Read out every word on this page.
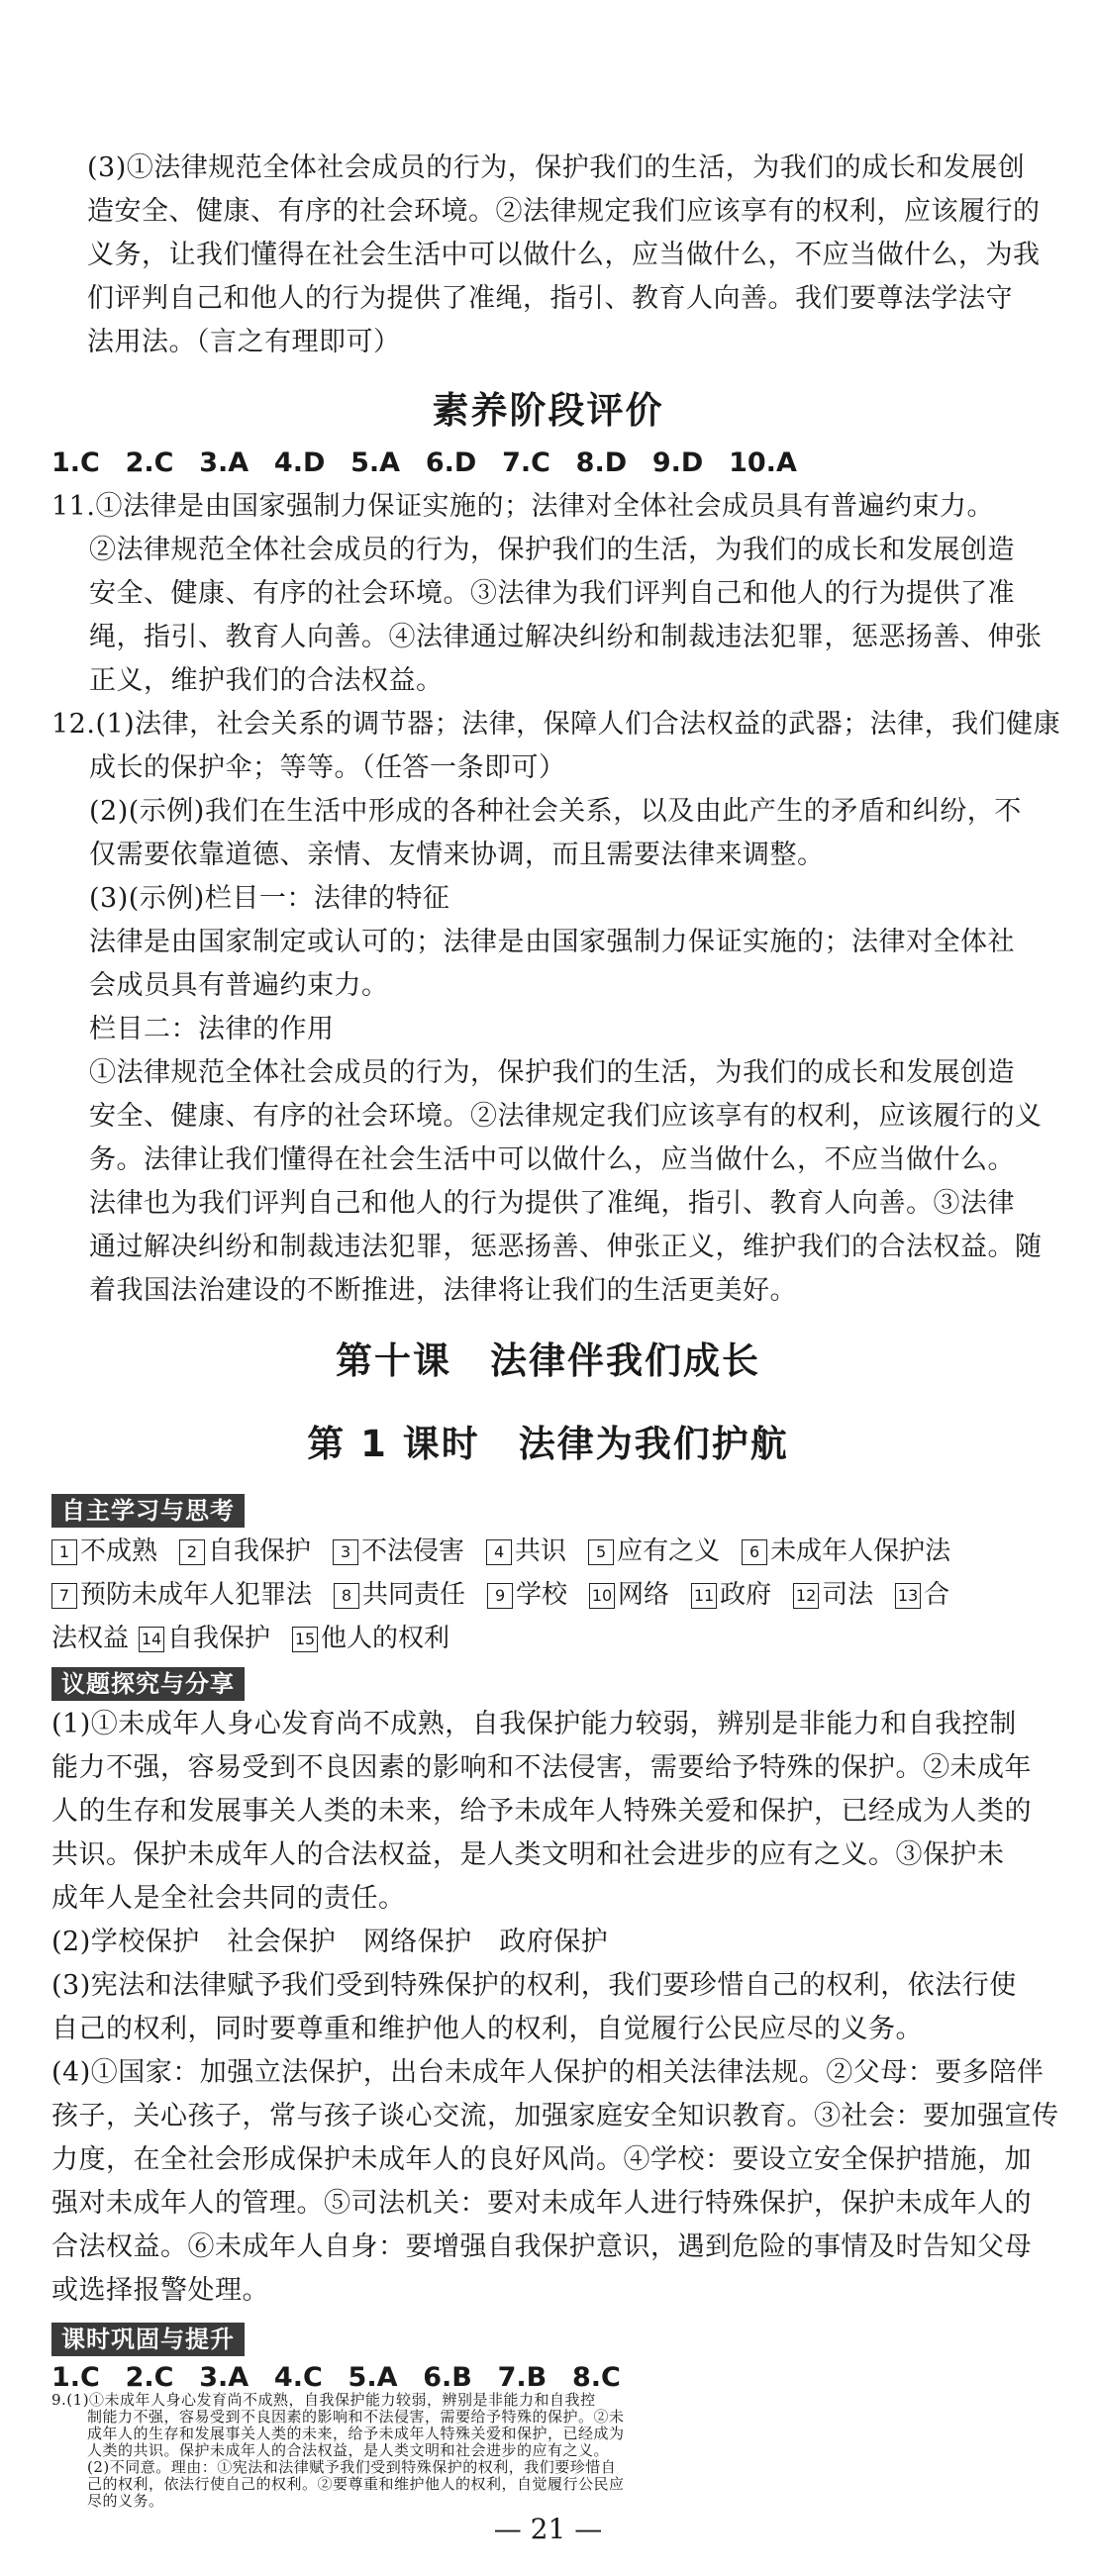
(3)①法律规范全体社会成员的行为，保护我们的生活，为我们的成长和发展创
造安全、健康、有序的社会环境。②法律规定我们应该享有的权利，应该履行的
义务，让我们懂得在社会生活中可以做什么，应当做什么，不应当做什么，为我
们评判自己和他人的行为提供了准绳，指引、教育人向善。我们要尊法学法守
法用法。（言之有理即可）
素养阶段评价
1.C 2.C 3.A 4.D 5.A 6.D 7.C 8.D 9.D 10.A
11.①法律是由国家强制力保证实施的；法律对全体社会成员具有普遍约束力。
②法律规范全体社会成员的行为，保护我们的生活，为我们的成长和发展创造
安全、健康、有序的社会环境。③法律为我们评判自己和他人的行为提供了准
绳，指引、教育人向善。④法律通过解决纠纷和制裁违法犯罪，惩恶扬善、伸张
正义，维护我们的合法权益。
12.(1)法律，社会关系的调节器；法律，保障人们合法权益的武器；法律，我们健康
成长的保护伞；等等。（任答一条即可）
(2)(示例)我们在生活中形成的各种社会关系，以及由此产生的矛盾和纠纷，不
仅需要依靠道德、亲情、友情来协调，而且需要法律来调整。
(3)(示例)栏目一：法律的特征
法律是由国家制定或认可的；法律是由国家强制力保证实施的；法律对全体社
会成员具有普遍约束力。
栏目二：法律的作用
①法律规范全体社会成员的行为，保护我们的生活，为我们的成长和发展创造
安全、健康、有序的社会环境。②法律规定我们应该享有的权利，应该履行的义
务。法律让我们懂得在社会生活中可以做什么，应当做什么，不应当做什么。
法律也为我们评判自己和他人的行为提供了准绳，指引、教育人向善。③法律
通过解决纠纷和制裁违法犯罪，惩恶扬善、伸张正义，维护我们的合法权益。随
着我国法治建设的不断推进，法律将让我们的生活更美好。
第十课　法律伴我们成长
第 1 课时　法律为我们护航
自主学习与思考
1 不成熟 2 自我保护 3 不法侵害 4 共识 5 应有之义 6 未成年人保护法
7 预防未成年人犯罪法 8 共同责任 9 学校 10 网络 11 政府 12 司法 13 合
法权益 14 自我保护 15 他人的权利
议题探究与分享
(1)①未成年人身心发育尚不成熟，自我保护能力较弱，辨别是非能力和自我控制
能力不强，容易受到不良因素的影响和不法侵害，需要给予特殊的保护。②未成年
人的生存和发展事关人类的未来，给予未成年人特殊关爱和保护，已经成为人类的
共识。保护未成年人的合法权益，是人类文明和社会进步的应有之义。③保护未
成年人是全社会共同的责任。
(2)学校保护　社会保护　网络保护　政府保护
(3)宪法和法律赋予我们受到特殊保护的权利，我们要珍惜自己的权利，依法行使
自己的权利，同时要尊重和维护他人的权利，自觉履行公民应尽的义务。
(4)①国家：加强立法保护，出台未成年人保护的相关法律法规。②父母：要多陪伴
孩子，关心孩子，常与孩子谈心交流，加强家庭安全知识教育。③社会：要加强宣传
力度，在全社会形成保护未成年人的良好风尚。④学校：要设立安全保护措施，加
强对未成年人的管理。⑤司法机关：要对未成年人进行特殊保护，保护未成年人的
合法权益。⑥未成年人自身：要增强自我保护意识，遇到危险的事情及时告知父母
或选择报警处理。
课时巩固与提升
1.C 2.C 3.A 4.C 5.A 6.B 7.B 8.C
— 21 —
9.(1)①未成年人身心发育尚不成熟，自我保护能力较弱，辨别是非能力和自我控
制能力不强，容易受到不良因素的影响和不法侵害，需要给予特殊的保护。②未
成年人的生存和发展事关人类的未来，给予未成年人特殊关爱和保护，已经成为
人类的共识。保护未成年人的合法权益，是人类文明和社会进步的应有之义。
(2)不同意。理由：①宪法和法律赋予我们受到特殊保护的权利，我们要珍惜自
己的权利，依法行使自己的权利。②要尊重和维护他人的权利，自觉履行公民应
尽的义务。
